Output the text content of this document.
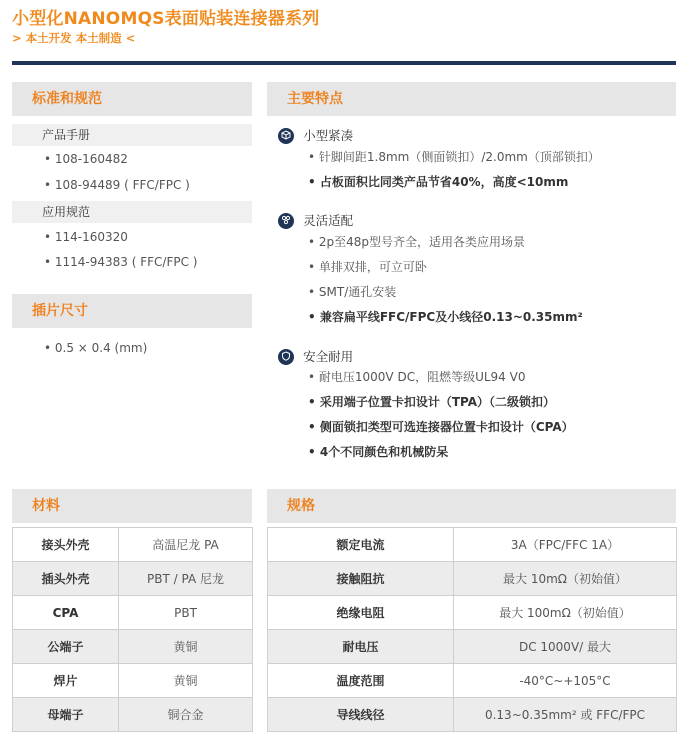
小型化NANOMQS表面贴装连接器系列
> 本土开发 本土制造 <
标准和规范
产品手册
• 108-160482
• 108-94489 ( FFC/FPC )
应用规范
• 114-160320
• 1114-94383 ( FFC/FPC )
插片尺寸
• 0.5 × 0.4 (mm)
主要特点
小型紧凑
• 针脚间距1.8mm（侧面锁扣）/2.0mm（顶部锁扣）
• 占板面积比同类产品节省40%，高度<10mm
灵活适配
• 2p至48p型号齐全，适用各类应用场景
• 单排双排，可立可卧
• SMT/通孔安装
• 兼容扁平线FFC/FPC及小线径0.13~0.35mm²
安全耐用
• 耐电压1000V DC，阻燃等级UL94 V0
• 采用端子位置卡扣设计（TPA）（二级锁扣）
• 侧面锁扣类型可选连接器位置卡扣设计（CPA）
• 4个不同颜色和机械防呆
材料
接头外壳	高温尼龙 PA
插头外壳	PBT / PA 尼龙
CPA	PBT
公端子	黄铜
焊片	黄铜
母端子	铜合金
规格
额定电流	3A（FPC/FFC 1A）
接触阻抗	最大 10mΩ（初始值）
绝缘电阻	最大 100mΩ（初始值）
耐电压	DC 1000V/ 最大
温度范围	-40°C~+105°C
导线线径	0.13~0.35mm² 或 FFC/FPC
